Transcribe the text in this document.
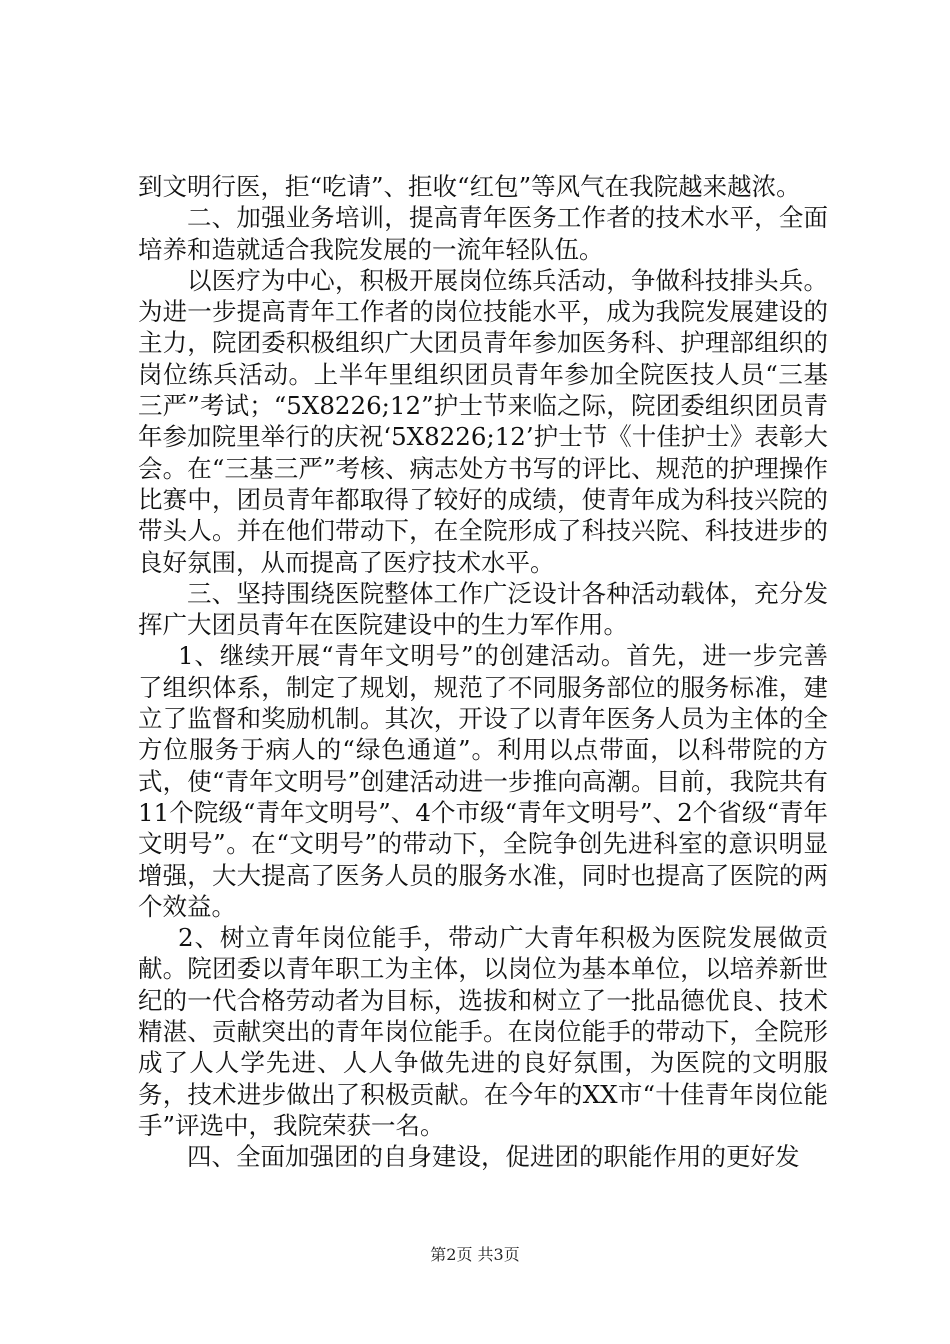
到文明行医，拒“吃请”、拒收“红包”等风气在我院越来越浓。

二、加强业务培训，提高青年医务工作者的技术水平，全面培养和造就适合我院发展的一流年轻队伍。

以医疗为中心，积极开展岗位练兵活动，争做科技排头兵。为进一步提高青年工作者的岗位技能水平，成为我院发展建设的主力，院团委积极组织广大团员青年参加医务科、护理部组织的岗位练兵活动。上半年里组织团员青年参加全院医技人员“三基三严”考试；“5X8226;12”护士节来临之际，院团委组织团员青年参加院里举行的庆祝‘5X8226;12’护士节《十佳护士》表彰大会。在“三基三严”考核、病志处方书写的评比、规范的护理操作比赛中，团员青年都取得了较好的成绩，使青年成为科技兴院的带头人。并在他们带动下，在全院形成了科技兴院、科技进步的良好氛围，从而提高了医疗技术水平。

三、坚持围绕医院整体工作广泛设计各种活动载体，充分发挥广大团员青年在医院建设中的生力军作用。

1、继续开展“青年文明号”的创建活动。首先，进一步完善了组织体系，制定了规划，规范了不同服务部位的服务标准，建立了监督和奖励机制。其次，开设了以青年医务人员为主体的全方位服务于病人的“绿色通道”。利用以点带面，以科带院的方式，使“青年文明号”创建活动进一步推向高潮。目前，我院共有11个院级“青年文明号”、4个市级“青年文明号”、2个省级“青年文明号”。在“文明号”的带动下，全院争创先进科室的意识明显增强，大大提高了医务人员的服务水准，同时也提高了医院的两个效益。

2、树立青年岗位能手，带动广大青年积极为医院发展做贡献。院团委以青年职工为主体，以岗位为基本单位，以培养新世纪的一代合格劳动者为目标，选拔和树立了一批品德优良、技术精湛、贡献突出的青年岗位能手。在岗位能手的带动下，全院形成了人人学先进、人人争做先进的良好氛围，为医院的文明服务，技术进步做出了积极贡献。在今年的XX市“十佳青年岗位能手”评选中，我院荣获一名。

四、全面加强团的自身建设，促进团的职能作用的更好发

第2页 共3页
